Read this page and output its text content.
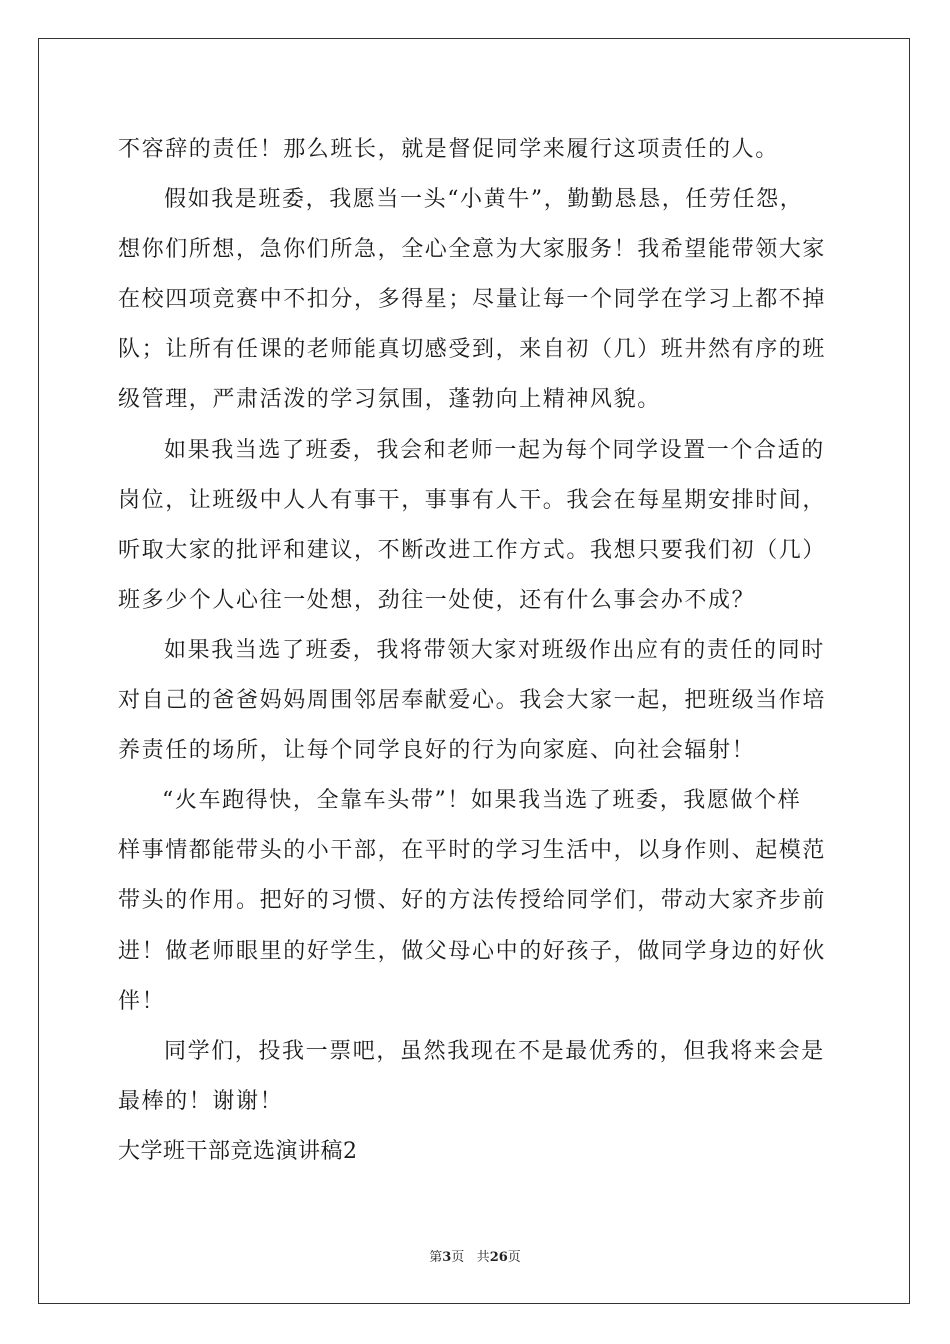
不容辞的责任！那么班长，就是督促同学来履行这项责任的人。
假如我是班委，我愿当一头“小黄牛”，勤勤恳恳，任劳任怨，
想你们所想，急你们所急，全心全意为大家服务！我希望能带领大家
在校四项竞赛中不扣分，多得星；尽量让每一个同学在学习上都不掉
队；让所有任课的老师能真切感受到，来自初（几）班井然有序的班
级管理，严肃活泼的学习氛围，蓬勃向上精神风貌。
如果我当选了班委，我会和老师一起为每个同学设置一个合适的
岗位，让班级中人人有事干，事事有人干。我会在每星期安排时间，
听取大家的批评和建议，不断改进工作方式。我想只要我们初（几）
班多少个人心往一处想，劲往一处使，还有什么事会办不成？
如果我当选了班委，我将带领大家对班级作出应有的责任的同时
对自己的爸爸妈妈周围邻居奉献爱心。我会大家一起，把班级当作培
养责任的场所，让每个同学良好的行为向家庭、向社会辐射！
“火车跑得快，全靠车头带”！如果我当选了班委，我愿做个样
样事情都能带头的小干部，在平时的学习生活中，以身作则、起模范
带头的作用。把好的习惯、好的方法传授给同学们，带动大家齐步前
进！做老师眼里的好学生，做父母心中的好孩子，做同学身边的好伙
伴！
同学们，投我一票吧，虽然我现在不是最优秀的，但我将来会是
最棒的！谢谢！
大学班干部竞选演讲稿2
第3页 共26页
